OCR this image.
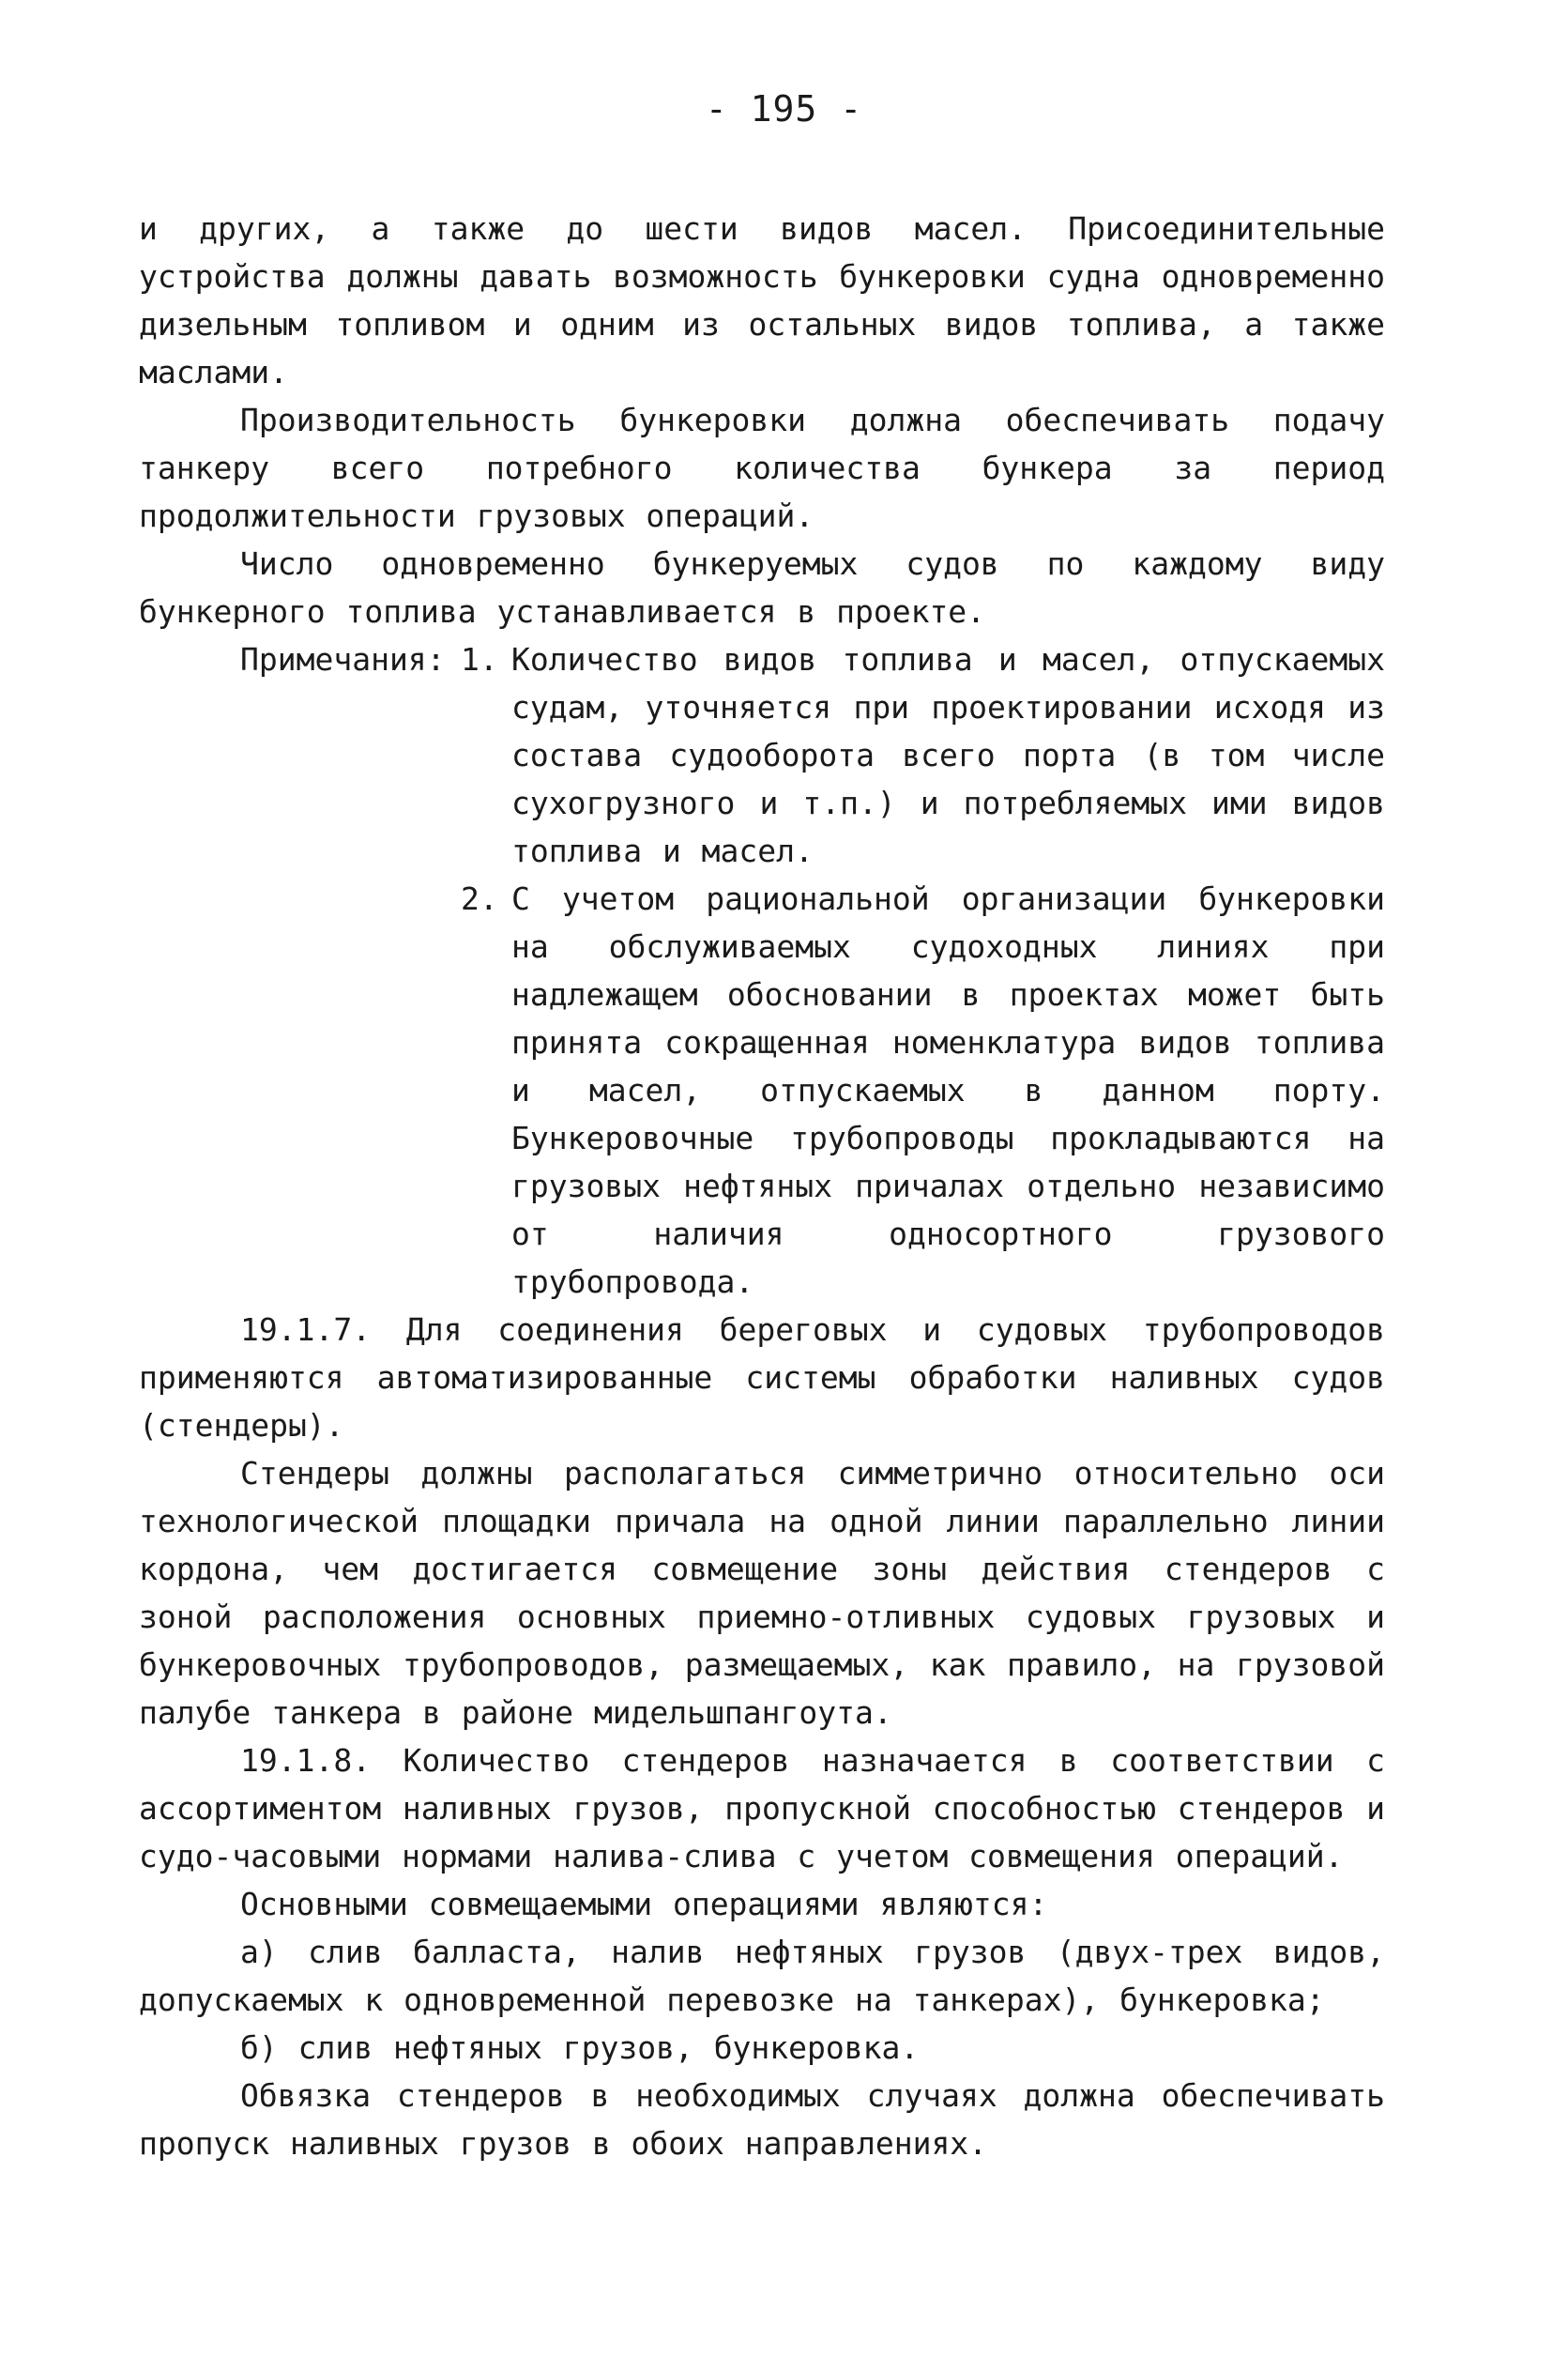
- 195 -

и других, а также до шести видов масел. Присоединительные устройства должны давать возможность бункеровки судна одновременно дизельным топливом и одним из остальных видов топлива, а также маслами.

Производительность бункеровки должна обеспечивать подачу танкеру всего потребного количества бункера за период продолжительности грузовых операций.

Число одновременно бункеруемых судов по каждому виду бункерного топлива устанавливается в проекте.

Примечания: 1. Количество видов топлива и масел, отпускаемых судам, уточняется при проектировании исходя из состава судооборота всего порта (в том числе сухогрузного и т.п.) и потребляемых ими видов топлива и масел.
2. С учетом рациональной организации бункеровки на обслуживаемых судоходных линиях при надлежащем обосновании в проектах может быть принята сокращенная номенклатура видов топлива и масел, отпускаемых в данном порту. Бункеровочные трубопроводы прокладываются на грузовых нефтяных причалах отдельно независимо от наличия односортного грузового трубопровода.

19.1.7. Для соединения береговых и судовых трубопроводов применяются автоматизированные системы обработки наливных судов (стендеры).

Стендеры должны располагаться симметрично относительно оси технологической площадки причала на одной линии параллельно линии кордона, чем достигается совмещение зоны действия стендеров с зоной расположения основных приемно-отливных судовых грузовых и бункеровочных трубопроводов, размещаемых, как правило, на грузовой палубе танкера в районе мидельшпангоута.

19.1.8. Количество стендеров назначается в соответствии с ассортиментом наливных грузов, пропускной способностью стендеров и судо-часовыми нормами налива-слива с учетом совмещения операций.

Основными совмещаемыми операциями являются:

а) слив балласта, налив нефтяных грузов (двух-трех видов, допускаемых к одновременной перевозке на танкерах), бункеровка;

б) слив нефтяных грузов, бункеровка.

Обвязка стендеров в необходимых случаях должна обеспечивать пропуск наливных грузов в обоих направлениях.
